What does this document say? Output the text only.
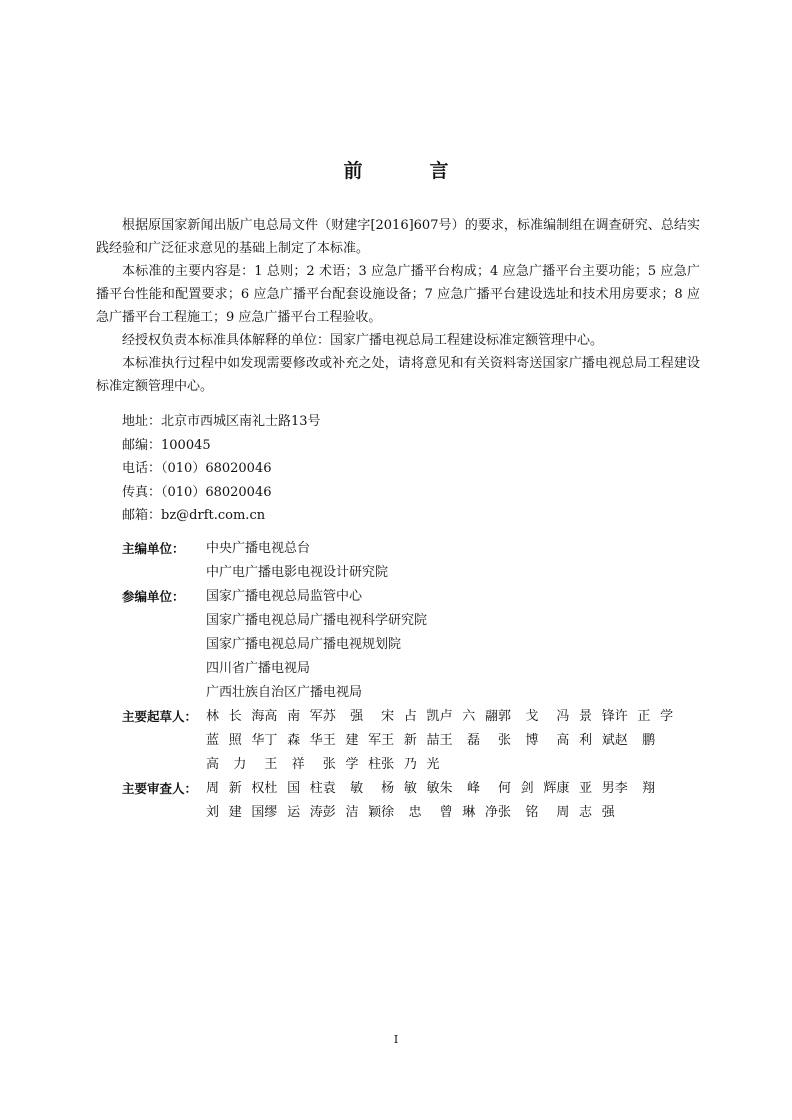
前　言

根据原国家新闻出版广电总局文件（财建字[2016]607号）的要求，标准编制组在调查研究、总结实践经验和广泛征求意见的基础上制定了本标准。

本标准的主要内容是：1 总则；2 术语；3 应急广播平台构成；4 应急广播平台主要功能；5 应急广播平台性能和配置要求；6 应急广播平台配套设施设备；7 应急广播平台建设选址和技术用房要求；8 应急广播平台工程施工；9 应急广播平台工程验收。

经授权负责本标准具体解释的单位：国家广播电视总局工程建设标准定额管理中心。

本标准执行过程中如发现需要修改或补充之处，请将意见和有关资料寄送国家广播电视总局工程建设标准定额管理中心。

地址：北京市西城区南礼士路13号
邮编：100045
电话：（010）68020046
传真：（010）68020046
邮箱：bz@drft.com.cn
主编单位：	中央广播电视总台
中广电广播电影电视设计研究院
参编单位：	国家广播电视总局监管中心
国家广播电视总局广播电视科学研究院
国家广播电视总局广播电视规划院
四川省广播电视局
广西壮族自治区广播电视局
主要起草人： 林长海 高南军 苏强	宋占凯 卢六翮 郭戈	冯景锋 许正学
蓝照华 丁森华 王建军 王新喆 王磊	张博	高利斌 赵鹏
高力	王祥	张学柱 张乃光
主要审查人： 周新权 杜国柱 袁敏	杨敏敏 朱峰	何剑辉 康亚男 李翔
刘建国 缪运涛 彭洁颖 徐忠	曾琳净 张铭	周志强
I
